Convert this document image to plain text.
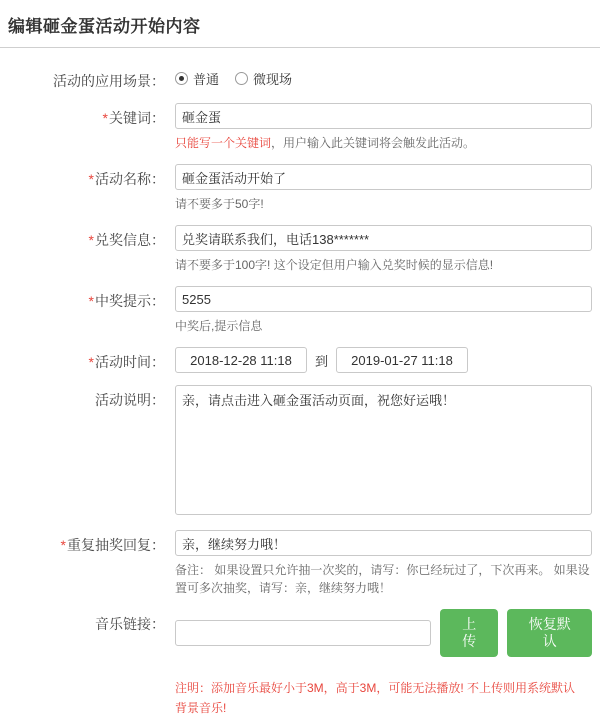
编辑砸金蛋活动开始内容
活动的应用场景：	普通	微现场
*关键词：
砸金蛋
只能写一个关键词，用户输入此关键词将会触发此活动。
*活动名称：
砸金蛋活动开始了
请不要多于50字!
*兑奖信息：
兑奖请联系我们，电话138*******
请不要多于100字! 这个设定但用户输入兑奖时候的显示信息!
*中奖提示：
5255
中奖后,提示信息
*活动时间：
2018-12-28 11:18	到
2019-01-27 11:18
活动说明：
亲，请点击进入砸金蛋活动页面，祝您好运哦！
*重复抽奖回复：
亲，继续努力哦！
备注： 如果设置只允许抽一次奖的，请写：你已经玩过了，下次再来。 如果设置可多次抽奖，请写：亲，继续努力哦！
音乐链接：	上传
恢复默认
注明：添加音乐最好小于3M，高于3M，可能无法播放! 不上传则用系统默认背景音乐!
